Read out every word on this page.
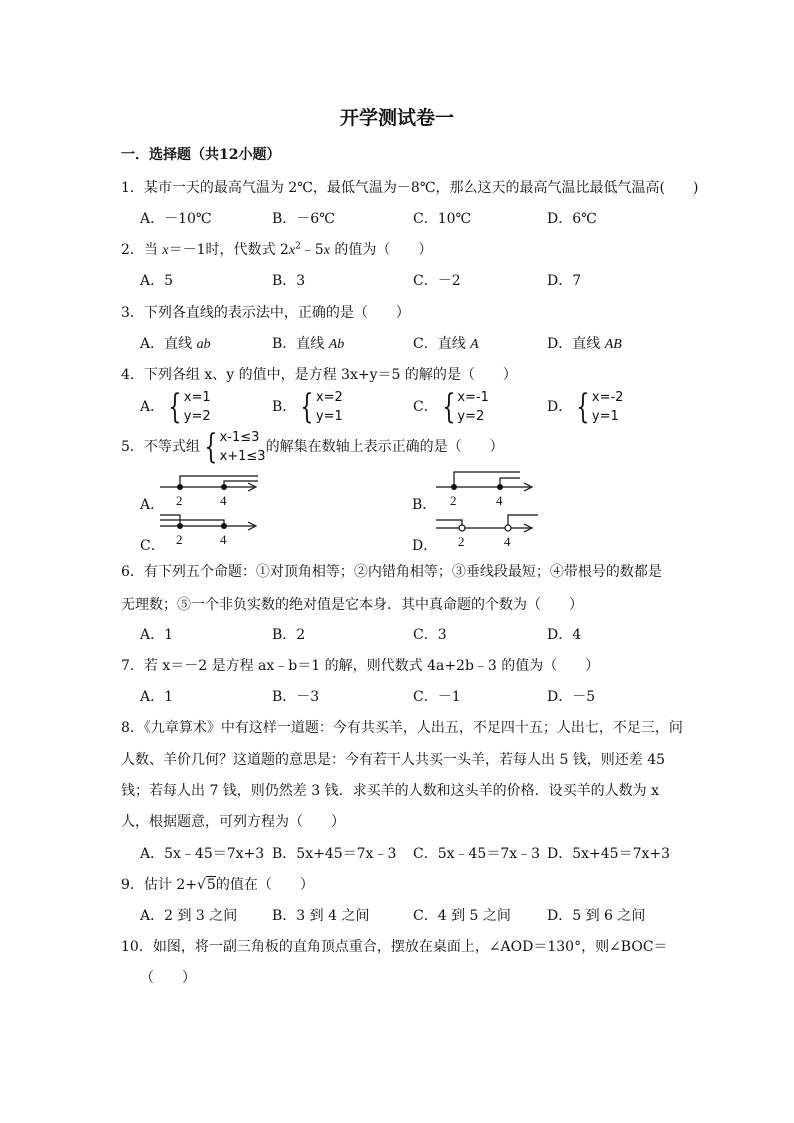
开学测试卷一
一．选择题（共12小题）
1．某市一天的最高气温为 2℃，最低气温为－8℃，那么这天的最高气温比最低气温高(　　)
A．－10℃	B．－6℃	C．10℃	D．6℃
2．当 x＝－1时，代数式 $2x^2﹣5x$ 的值为（　　）
A．5	B．3	C．－2	D．7
3．下列各直线的表示法中，正确的是（　　）
A．直线 ab	B．直线 Ab	C．直线 A	D．直线 AB
4．下列各组 x、y 的值中，是方程 3x+y＝5 的解的是（　　）
A． { x=1
y=2
B． { x=2
y=1
C． { x=-1
y=2
D． { x=-2
y=1
5．不等式组 { x-1≤3
x+1≤3
的解集在数轴上表示正确的是（　　）
A． 2	4	B． 2	4
C． 2	4	D． 2	4
6．有下列五个命题：①对顶角相等；②内错角相等；③垂线段最短；④带根号的数都是
无理数；⑤一个非负实数的绝对值是它本身．其中真命题的个数为（　　）
A．1	B．2	C．3	D．4
7．若 x＝－2 是方程 ax﹣b＝1 的解，则代数式 4a+2b﹣3 的值为（　　）
A．1	B．－3	C．－1	D．－5
8．《九章算术》中有这样一道题：今有共买羊，人出五，不足四十五；人出七，不足三，问
人数、羊价几何？这道题的意思是：今有若干人共买一头羊，若每人出 5 钱，则还差 45
钱；若每人出 7 钱，则仍然差 3 钱．求买羊的人数和这头羊的价格．设买羊的人数为 x
人，根据题意，可列方程为（　　）
A．5x﹣45＝7x+3 B．5x+45＝7x﹣3 C．5x﹣45＝7x﹣3 D．5x+45＝7x+3
9．估计 2+√5的值在（　　）
A．2 到 3 之间 B．3 到 4 之间	C．4 到 5 之间	D．5 到 6 之间
10．如图，将一副三角板的直角顶点重合，摆放在桌面上，∠AOD＝130°，则∠BOC＝
（　　）
